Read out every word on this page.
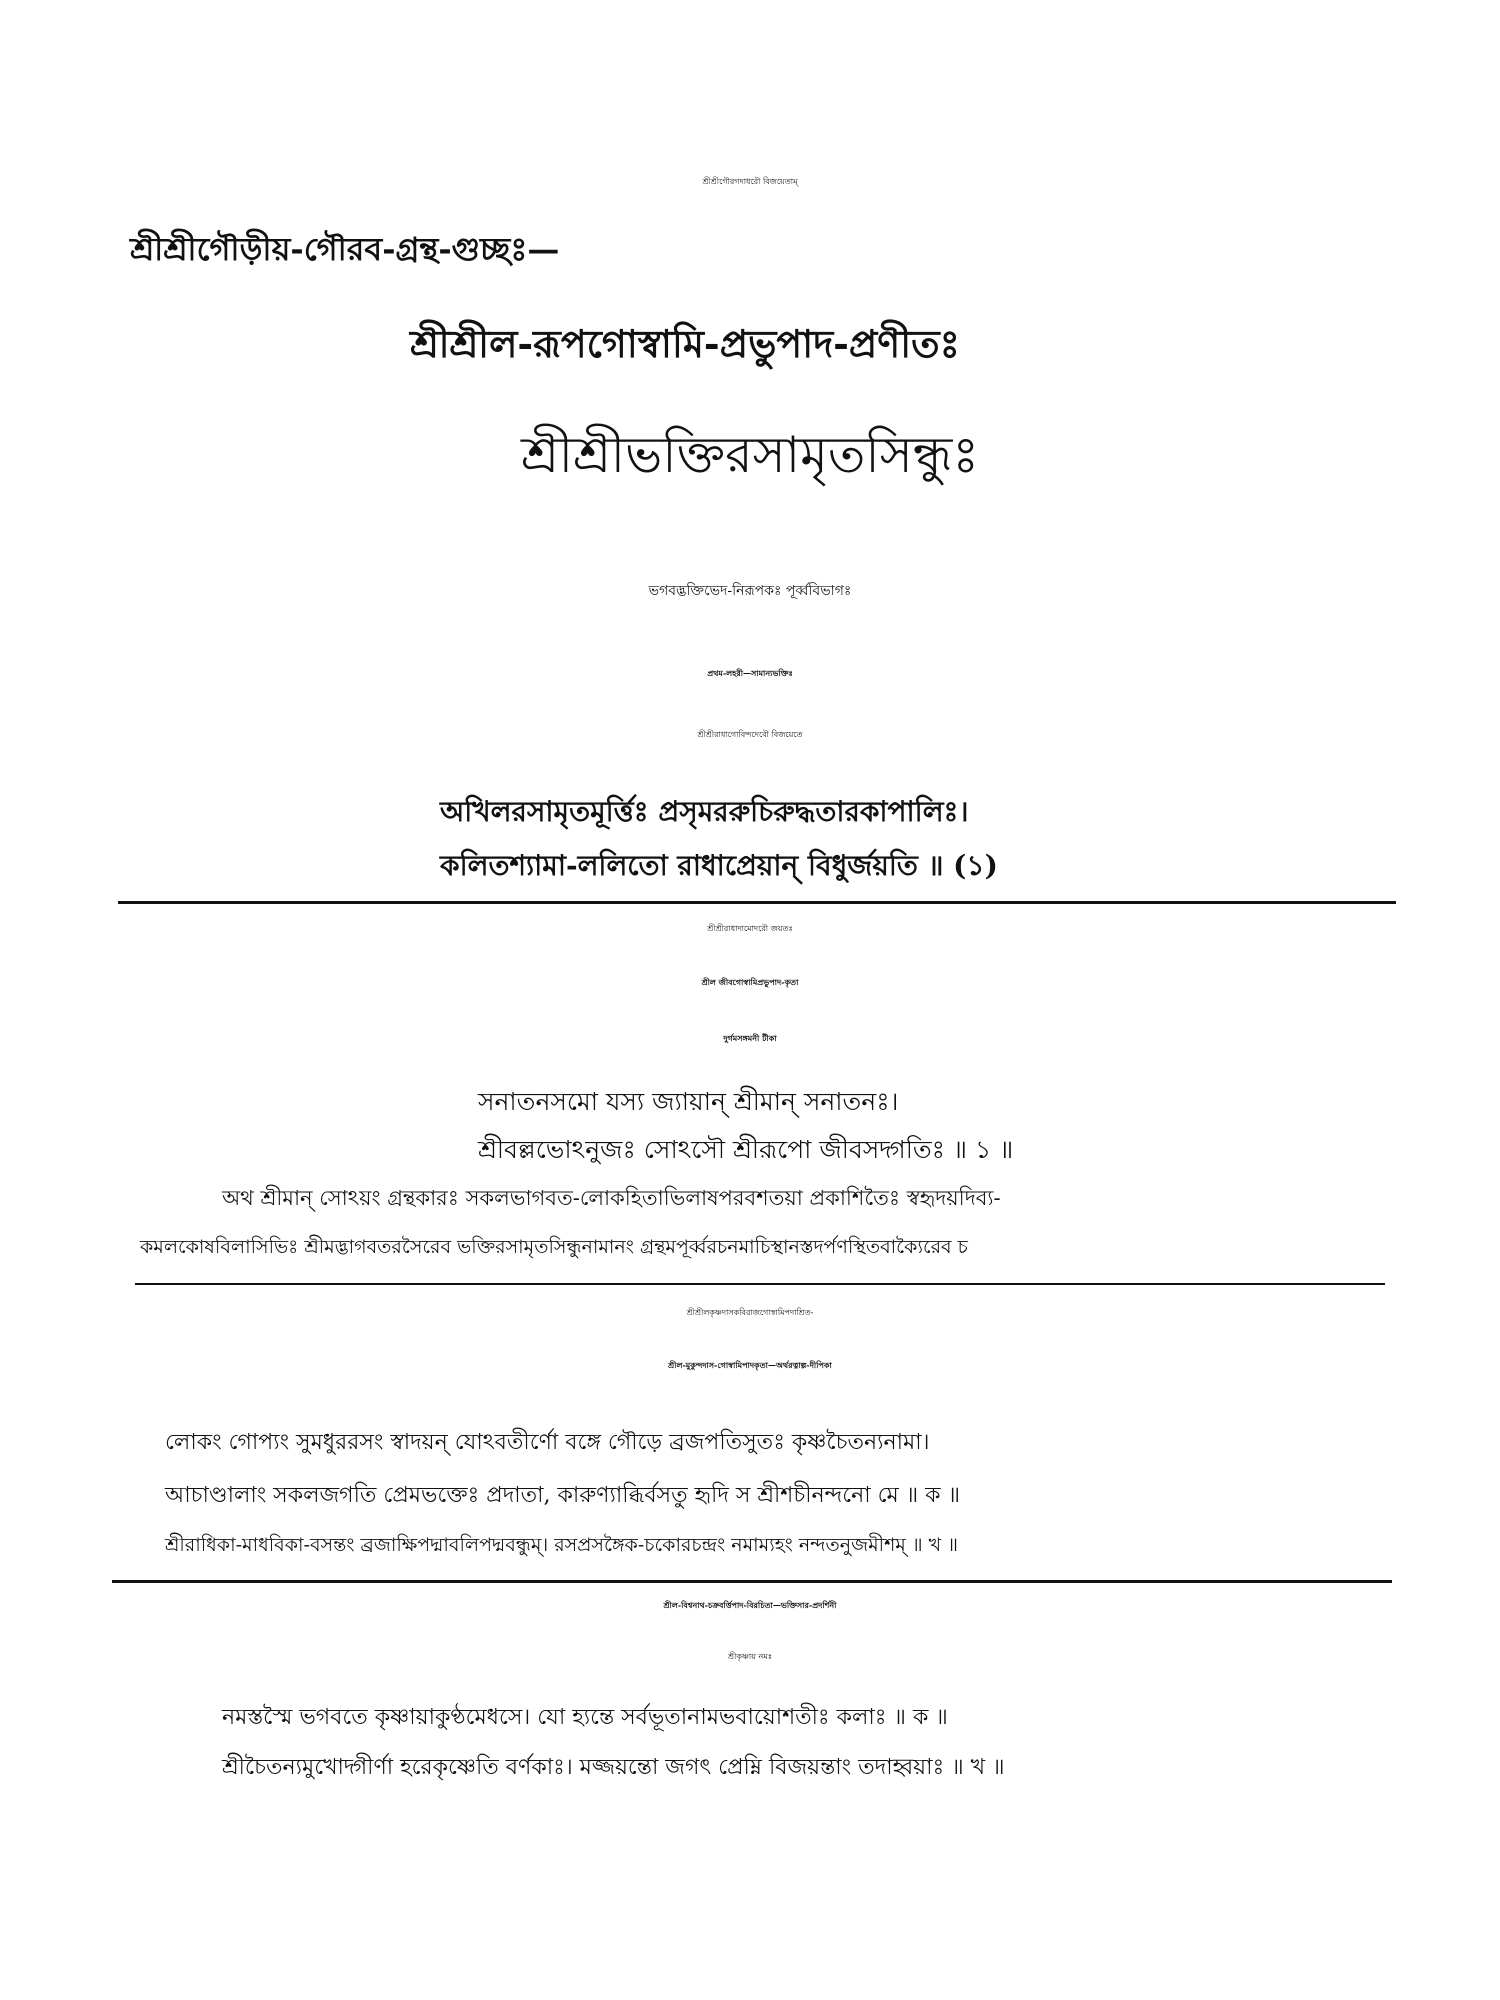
শ্রীশ্রীগৌরগদাধরৌ বিজয়েতাম্
শ্রীশ্রীগৌড়ীয়-গৌরব-গ্রন্থ-গুচ্ছঃ—
শ্রীশ্রীল-রূপগোস্বামি-প্রভুপাদ-প্রণীতঃ
শ্রীশ্রীভক্তিরসামৃতসিন্ধুঃ
ভগবদ্ভক্তিভেদ-নিরূপকঃ পূর্ব্ববিভাগঃ
প্রথম-লহরী—সামান্যভক্তিঃ
শ্রীশ্রীরাধাগোবিন্দদেবৌ বিজয়েতে
অখিলরসামৃতমূর্ত্তিঃ প্রসৃমররুচিরুদ্ধতারকাপালিঃ।
কলিতশ্যামা-ললিতো রাধাপ্রেয়ান্ বিধুর্জয়তি ॥ (১)
শ্রীশ্রীরাধাদামোদরৌ জয়তঃ
শ্রীল জীবগোস্বামিপ্রভুপাদ-কৃতা
দুর্গমসঙ্গমনী টীকা
সনাতনসমো যস্য জ্যায়ান্ শ্রীমান্ সনাতনঃ।
শ্রীবল্লভোঽনুজঃ সোঽসৌ শ্রীরূপো জীবসদ্গতিঃ ॥ ১ ॥
অথ শ্রীমান্ সোঽয়ং গ্রন্থকারঃ সকলভাগবত-লোকহিতাভিলাষপরবশতয়া প্রকাশিতৈঃ স্বহৃদয়দিব্য-
কমলকোষবিলাসিভিঃ শ্রীমদ্ভাগবতরসৈরেব ভক্তিরসামৃতসিন্ধুনামানং গ্রন্থমপূর্ব্বরচনমাচিস্থানস্তদর্পণস্থিতবাক্যৈরেব চ
শ্রীশ্রীলকৃষ্ণদাসকবিরাজগোস্বামিপদাশ্রিত-
শ্রীল-মুকুন্দদাস-গোস্বামিপাদকৃতা—অর্থরত্নাল্প-দীপিকা
লোকং গোপ্যং সুমধুররসং স্বাদয়ন্ যোঽবতীর্ণো বঙ্গে গৌড়ে ব্রজপতিসুতঃ কৃষ্ণচৈতন্যনামা।
আচাণ্ডালাং সকলজগতি প্রেমভক্তেঃ প্রদাতা, কারুণ্যাব্ধির্বসতু হৃদি স শ্রীশচীনন্দনো মে ॥ ক ॥
শ্রীরাধিকা-মাধবিকা-বসন্তং ব্রজাক্ষিপদ্মাবলিপদ্মবন্ধুম্। রসপ্রসঙ্গৈক-চকোরচন্দ্রং নমাম্যহং নন্দতনুজমীশম্ ॥ খ ॥
শ্রীল-বিশ্বনাথ-চক্রবর্ত্তিপাদ-বিরচিতা—ভক্তিসার-প্রদর্শিনী
শ্রীকৃষ্ণায় নমঃ
নমস্তস্মৈ ভগবতে কৃষ্ণায়াকুণ্ঠমেধসে। যো হ্যন্তে সর্বভূতানামভবায়োশতীঃ কলাঃ ॥ ক ॥
শ্রীচৈতন্যমুখোদ্গীর্ণা হরেকৃষ্ণেতি বর্ণকাঃ। মজ্জয়ন্তো জগৎ প্রেম্নি বিজয়ন্তাং তদাহ্বয়াঃ ॥ খ ॥
